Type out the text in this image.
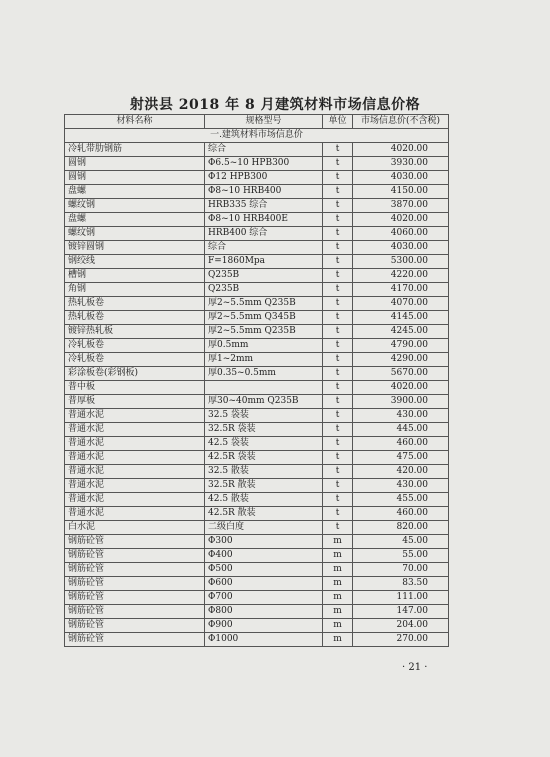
射洪县 2018 年 8 月建筑材料市场信息价格
材料名称	规格型号	单位	市场信息价(不含税)
一.建筑材料市场信息价			
冷轧带肋钢筋	综合	t	4020.00
圆钢	Φ6.5~10 HPB300	t	3930.00
圆钢	Φ12 HPB300	t	4030.00
盘螺	Φ8~10 HRB400	t	4150.00
螺纹钢	HRB335 综合	t	3870.00
盘螺	Φ8~10 HRB400E	t	4020.00
螺纹钢	HRB400 综合	t	4060.00
镀锌圆钢	综合	t	4030.00
钢绞线	F=1860Mpa	t	5300.00
槽钢	Q235B	t	4220.00
角钢	Q235B	t	4170.00
热轧板卷	厚2~5.5mm Q235B	t	4070.00
热轧板卷	厚2~5.5mm Q345B	t	4145.00
镀锌热轧板	厚2~5.5mm Q235B	t	4245.00
冷轧板卷	厚0.5mm	t	4790.00
冷轧板卷	厚1~2mm	t	4290.00
彩涂板卷(彩钢板)	厚0.35~0.5mm	t	5670.00
普中板		t	4020.00
普厚板	厚30~40mm Q235B	t	3900.00
普通水泥	32.5 袋装	t	430.00
普通水泥	32.5R 袋装	t	445.00
普通水泥	42.5 袋装	t	460.00
普通水泥	42.5R 袋装	t	475.00
普通水泥	32.5 散装	t	420.00
普通水泥	32.5R 散装	t	430.00
普通水泥	42.5 散装	t	455.00
普通水泥	42.5R 散装	t	460.00
白水泥	二级白度	t	820.00
钢筋砼管	Φ300	m	45.00
钢筋砼管	Φ400	m	55.00
钢筋砼管	Φ500	m	70.00
钢筋砼管	Φ600	m	83.50
钢筋砼管	Φ700	m	111.00
钢筋砼管	Φ800	m	147.00
钢筋砼管	Φ900	m	204.00
钢筋砼管	Φ1000	m	270.00
· 21 ·
